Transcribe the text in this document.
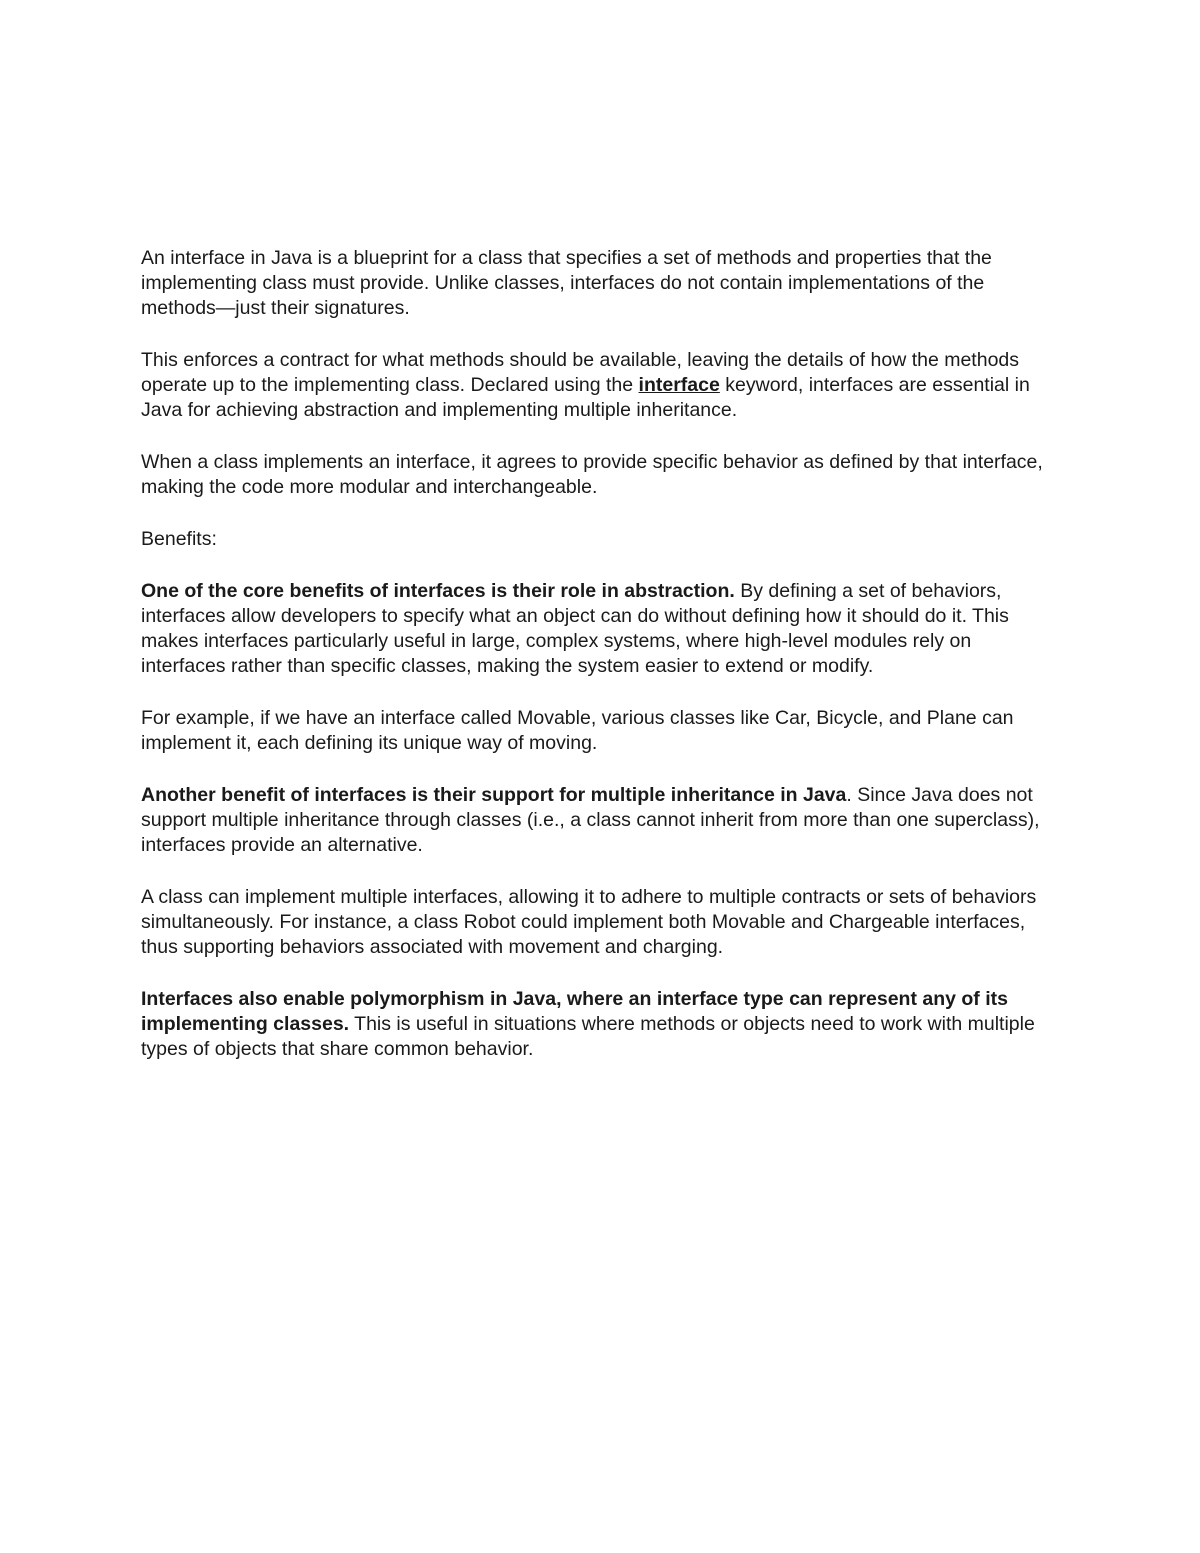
An interface in Java is a blueprint for a class that specifies a set of methods and properties that the implementing class must provide. Unlike classes, interfaces do not contain implementations of the methods—just their signatures.

This enforces a contract for what methods should be available, leaving the details of how the methods operate up to the implementing class. Declared using the interface keyword, interfaces are essential in Java for achieving abstraction and implementing multiple inheritance.

When a class implements an interface, it agrees to provide specific behavior as defined by that interface, making the code more modular and interchangeable.

Benefits:

One of the core benefits of interfaces is their role in abstraction. By defining a set of behaviors, interfaces allow developers to specify what an object can do without defining how it should do it. This makes interfaces particularly useful in large, complex systems, where high-level modules rely on interfaces rather than specific classes, making the system easier to extend or modify.

For example, if we have an interface called Movable, various classes like Car, Bicycle, and Plane can implement it, each defining its unique way of moving.

Another benefit of interfaces is their support for multiple inheritance in Java. Since Java does not support multiple inheritance through classes (i.e., a class cannot inherit from more than one superclass), interfaces provide an alternative.

A class can implement multiple interfaces, allowing it to adhere to multiple contracts or sets of behaviors simultaneously. For instance, a class Robot could implement both Movable and Chargeable interfaces, thus supporting behaviors associated with movement and charging.

Interfaces also enable polymorphism in Java, where an interface type can represent any of its implementing classes. This is useful in situations where methods or objects need to work with multiple types of objects that share common behavior.
